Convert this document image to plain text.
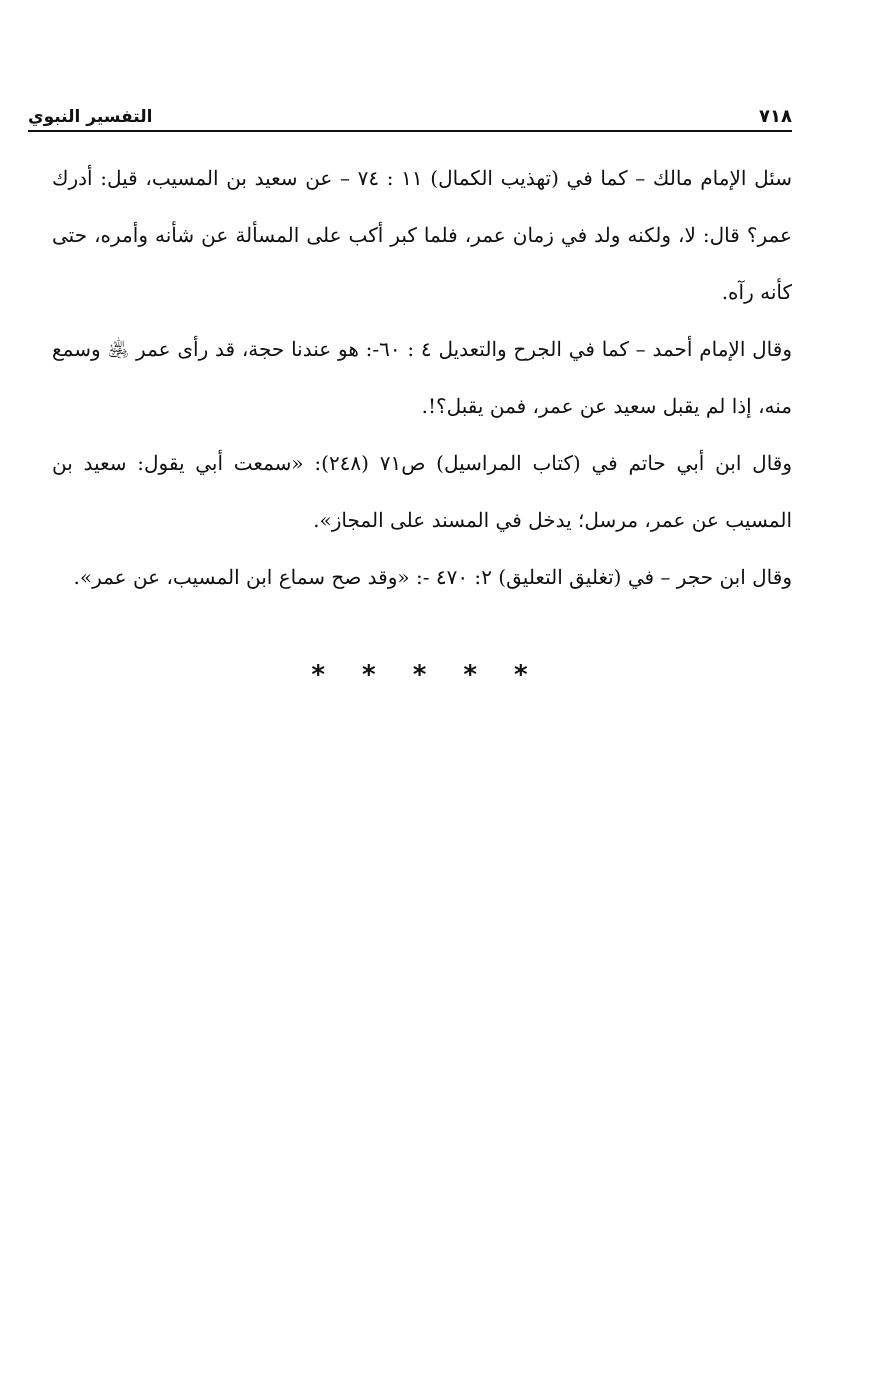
التفسير النبوي	٧١٨

سئل الإمام مالك – كما في (تهذيب الكمال) ١١ : ٧٤ – عن سعيد بن المسيب، قيل: أدرك عمر؟ قال: لا، ولكنه ولد في زمان عمر، فلما كبر أكب على المسألة عن شأنه وأمره، حتى كأنه رآه.

وقال الإمام أحمد – كما في الجرح والتعديل ٤ : ٦٠-: هو عندنا حجة، قد رأى عمر ﵁ وسمع منه، إذا لم يقبل سعيد عن عمر، فمن يقبل؟!.

وقال ابن أبي حاتم في (كتاب المراسيل) ص٧١ (٢٤٨): «سمعت أبي يقول: سعيد بن المسيب عن عمر، مرسل؛ يدخل في المسند على المجاز».

وقال ابن حجر – في (تغليق التعليق) ٢: ٤٧٠ -: «وقد صح سماع ابن المسيب، عن عمر».

* * * * *
